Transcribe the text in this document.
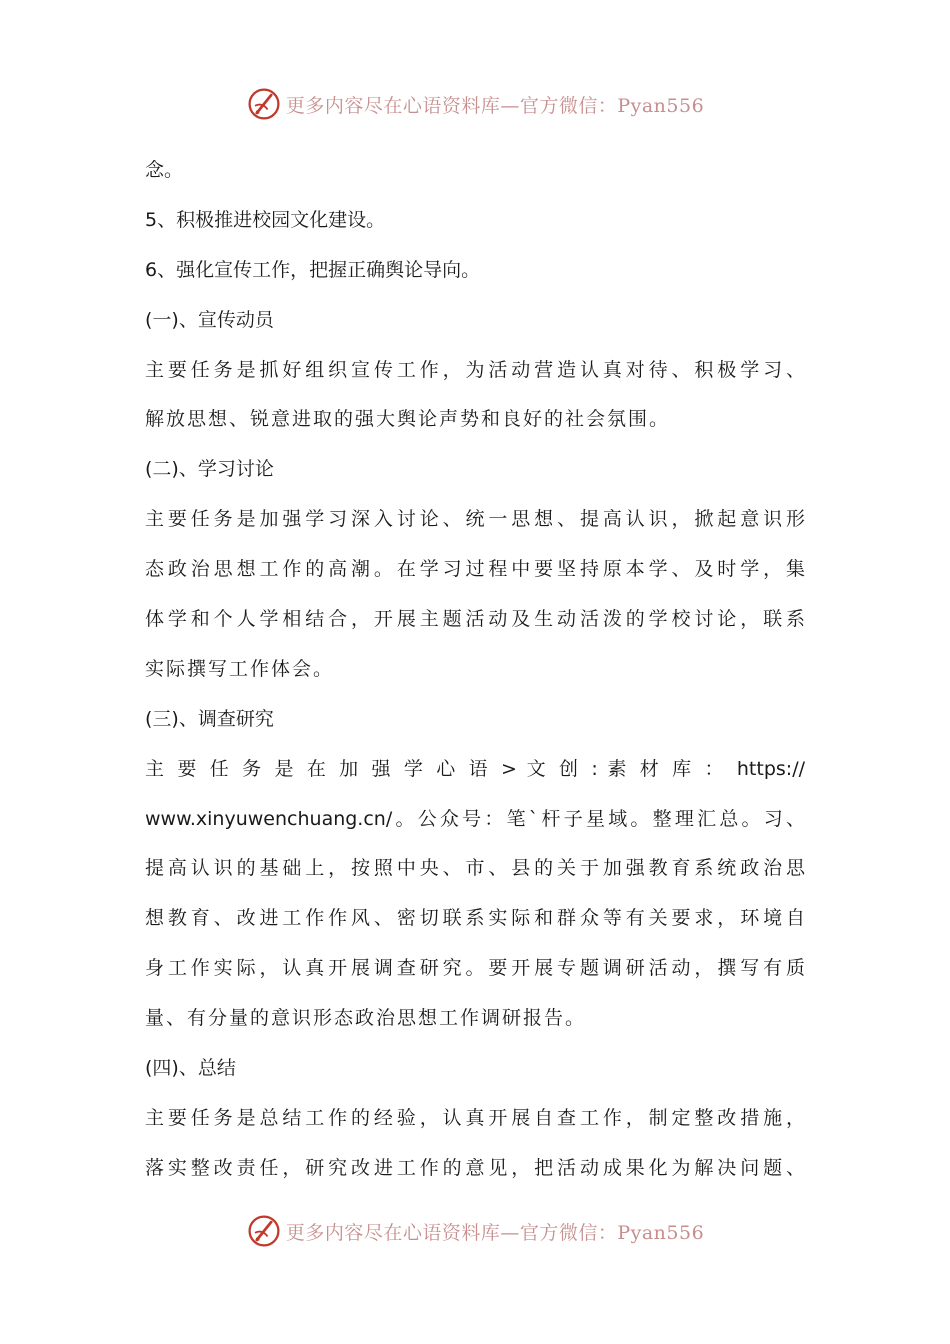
更多内容尽在心语资料库—官方微信：Pyan556
念。
5、积极推进校园文化建设。
6、强化宣传工作，把握正确舆论导向。
(一)、宣传动员
主要任务是抓好组织宣传工作，为活动营造认真对待、积极学习、
解放思想、锐意进取的强大舆论声势和良好的社会氛围。
(二)、学习讨论
主要任务是加强学习深入讨论、统一思想、提高认识，掀起意识形
态政治思想工作的高潮。在学习过程中要坚持原本学、及时学，集
体学和个人学相结合，开展主题活动及生动活泼的学校讨论，联系
实际撰写工作体会。
(三)、调查研究
主 要 任 务 是 在 加 强 学 心 语 > 文 创 : 素 材 库 ： https://
www.xinyuwenchuang.cn/。公众号：笔`杆子星域。整理汇总。习、
提高认识的基础上，按照中央、市、县的关于加强教育系统政治思
想教育、改进工作作风、密切联系实际和群众等有关要求，环境自
身工作实际，认真开展调查研究。要开展专题调研活动，撰写有质
量、有分量的意识形态政治思想工作调研报告。
(四)、总结
主要任务是总结工作的经验，认真开展自查工作，制定整改措施，
落实整改责任，研究改进工作的意见，把活动成果化为解决问题、
更多内容尽在心语资料库—官方微信：Pyan556
